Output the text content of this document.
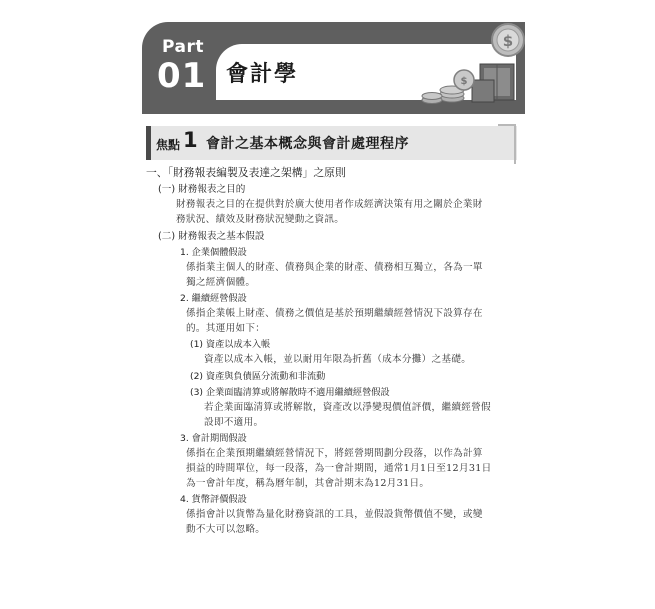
Part
01 會計學
$
$
焦點 1 會計之基本概念與會計處理程序
一、「財務報表編製及表達之架構」之原則
(一) 財務報表之目的
財務報表之目的在提供對於廣大使用者作成經濟決策有用之關於企業財
務狀況、績效及財務狀況變動之資訊。
(二) 財務報表之基本假設
1. 企業個體假設
係指業主個人的財產、債務與企業的財產、債務相互獨立，各為一單
獨之經濟個體。
2. 繼續經營假設
係指企業帳上財產、債務之價值是基於預期繼續經營情況下設算存在
的。其運用如下：
(1) 資產以成本入帳
資產以成本入帳，並以耐用年限為折舊（成本分攤）之基礎。
(2) 資產與負債區分流動和非流動
(3) 企業面臨清算或將解散時不適用繼續經營假設
若企業面臨清算或將解散，資產改以淨變現價值評價，繼續經營假
設即不適用。
3. 會計期間假設
係指在企業預期繼續經營情況下，將經營期間劃分段落，以作為計算
損益的時間單位，每一段落，為一會計期間，通常1月1日至12月31日
為一會計年度，稱為曆年制，其會計期末為12月31日。
4. 貨幣評價假設
係指會計以貨幣為量化財務資訊的工具，並假設貨幣價值不變，或變
動不大可以忽略。
